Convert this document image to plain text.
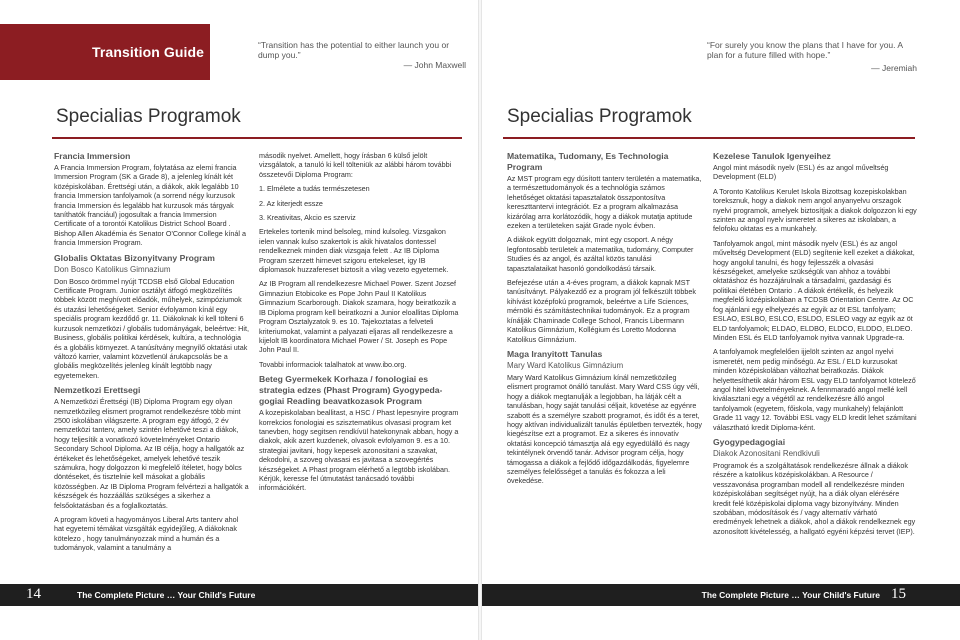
Transition Guide	“Transition has the potential to either launch you or dump you.”
— John Maxwell
“For surely you know the plans that I have for you. A plan for a future filled with hope.”
— Jeremiah
Specialias Programok	Specialias Programok
Francia Immersion

A Francia Immersion Program, folytatása az elemi francia Immersion Program (SK a Grade 8), a jelenleg kínált két középiskolában. Érettségi után, a diákok, akik legalább 10 francia Immersion tanfolyamok (a sorrend négy kurzusok francia Immersion és legalább hat kurzusok más tárgyak taníthatók franciául) jogosultak a francia Immersion Certificate of a torontói Katolikus District School Board . Bishop Allen Akadémia és Senator O'Connor College kínál a francia Immersion Program.

Globalis Oktatas Bizonyitvany Program
Don Bosco Katolikus Gimnazium

Don Bosco örömmel nyújt TCDSB első Global Education Certificate Program. Junior osztályt átfogó megközelítés többek között meghívott előadók, műhelyek, szimpóziumok és utazási lehetőségeket. Senior évfolyamon kínál egy speciális program kezdődő gr. 11. Diákoknak ki kell tölteni 6 kurzusok nemzetközi / globális tudományágak, beleértve: Hit, Business, globális politikai kérdések, kultúra, a technológia és a globális környezet. A tanúsítvány megnyílő oktatási utak változó karrier, valamint közvetlenül árukapcsolás be a globális megközelítés jelenleg kínált legtöbb nagy egyetemeken.

Nemzetkozi Erettsegi

A Nemzetközi Érettségi (IB) Diploma Program egy olyan nemzetközileg elismert programot rendelkezésre több mint 2500 iskolában világszerte. A program egy átfogó, 2 év nemzetközi tanterv, amely szintén lehetővé teszi a diákok, hogy teljesítik a vonatkozó követelményeket Ontario Secondary School Diploma. Az IB célja, hogy a hallgatók az értékeket és lehetőségeket, amelyek lehetővé teszik számukra, hogy dolgozzon ki megfelelő ítéletet, hogy bölcs döntéseket, és tisztelnie kell másokat a globális közösségben. Az IB Diploma Program felvértezi a hallgatók a készségek és hozzáállás szükséges a sikerhez a felsőoktatásban és a foglalkoztatás.

A program követi a hagyományos Liberal Arts tanterv ahol hat egyetemi témákat vizsgálták egyidejűleg, A diákoknak kötelezo , hogy tanulmányozzak mind a humán és a tudományok, valamint a tanulmány a

második nyelvet. Amellett, hogy írásban 6 külső jelölt vizsgálatok, a tanuló ki kell tölteniük az alábbi három további összetevői Diploma Program:

1. Elmélete a tudás természetesen

2. Az kiterjedt essze

3. Kreativitas, Akcio es szerviz

Ertekeles tortenik mind belsoleg, mind kulsoleg. Vizsgakon ielen vannak kulso szakertok is akik hivatalos dontessel rendelkeznek minden diak vizsgaja felett . Az IB Diploma Program szerzett hirnevet szigoru ertekeleset, igy IB diplomasok huzzafereset biztosít a vilag vezeto egyetemek.

Az IB Program all rendelkezesre Michael Power. Szent Jozsef Gimnaziun Etobicoke es Pope John Paul II Katolikus Gimnazium Scarborough. Diakok szamara, hogy beiratkozik a IB Diploma program kell beiratkozni a Junior eloallitas Diploma Program Osztalyzatok 9. es 10. Tajekoztatas a felveteli kriteriumokat, valamint a palyazati eljaras all rendelkezesre a kijelolt IB koordinatora Michael Power / St. Joseph es Pope John Paul II.

Tovabbi informaciok talalhatok at www.ibo.org.

Beteg Gyermekek Korhaza / fonologiai es strategia edzes (Phast Program) Gyogypeda-gogiai Reading beavatkozasok Program

A kozepiskolaban beallitast, a HSC / Phast lepesnyire program korrekcios fonologiai es szisztematikus olvasasi program ket tanevben, hogy segitsen rendkívül hatekonynak abban, hogy a diakok, akik azert kuzdenek, olvasok evfolyamon 9. es a 10. strategiai javitani, hogy kepesek azonositani a szavakat, dekodolni, a szoveg olvasasi es javitasa a szovegértés készségeket. A Phast program elérhető a legtöbb iskolában. Kérjük, keresse fel útmutatást tanácsadó további információkért.

Matematika, Tudomany, Es Technologia Program

Az MST program egy dúsított tanterv területén a matematika, a természettudományok és a technológia számos lehetőséget oktatási tapasztalatok összpontosítva kereszttantervi integrációt. Ez a program alkalmazása kizárólag arra korlátozódik, hogy a diákok mutatja aptitude ezeken a területeken saját Grade nyolc évben.

A diákok együtt dolgoznak, mint egy csoport. A négy legfontosabb területek a matematika, tudomány, Computer Studies és az angol, és azáltal közös tanulási tapasztalataikat hasonló gondolkodású társaik.

Befejezése után a 4-éves program, a diákok kapnak MST tanúsítványt. Pályakezdő ez a program jól felkészült többek kihívást középfokú programok, beleértve a Life Sciences, mérnöki és számítástechnikai tudományok. Ez a program kínálják Chaminade College School, Francis Libermann Katolikus Gimnázium, Kollégium és Loretto Modonna Katolikus Gimnázium.

Maga Iranyitott Tanulas
Mary Ward Katolikus Gimnázium

Mary Ward Katolikus Gimnázium kínál nemzetközileg elismert programot önálló tanulást. Mary Ward CSS úgy véli, hogy a diákok megtanulják a legjobban, ha látják célt a tanulásban, hogy saját tanulási céljait, követése az egyénre szabott és a személyre szabott programot, és időt és a teret, hogy aktívan individualizált tanulás épületben tervezték, hogy kiegészítse ezt a programot. Ez a sikeres és innovatív oktatási koncepció támasztja alá egy egyedülálló és nagy tekintélynek örvendő tanár. Advisor program célja, hogy támogassa a diákok a fejlődő időgazdálkodás, figyelemre személyes felelősséget a tanulás és fokozza a leli övekedése.

Kezelese Tanulok Igenyeihez

Angol mint második nyelv (ESL) és az angol műveltség Development (ELD)

A Toronto Katolikus Kerulet Iskola Bizottsag kozepiskolakban toreksznuk, hogy a diakok nem angol anyanyelvu orszagok nyelvi programok, amelyek biztosítjak a diakok dolgozzon ki egy szinten az angol nyelv ismeretet a sikeres az iskolaban, a felofoku oktatas es a munkahely.

Tanfolyamok angol, mint második nyelv (ESL) és az angol műveltség Development (ELD) segítenie kell ezeket a diákokat, hogy angolul tanulni, és hogy fejlesszék a olvasási készségeket, amelyeke szükségük van ahhoz a további oktatáshoz és hozzájárulnak a társadalmi, gazdasági és politikai életében Ontario . A diákok értékelik, és helyezik megfelelő középiskolában a TCDSB Orientation Centre. Az OC fog ajánlani egy elhelyezés az egyik az öt ESL tanfolyam; ESLAO, ESLBO, ESLCO, ESLDO, ESLEO vagy az egyik az öt ELD tanfolyamok; ELDAO, ELDBO, ELDCO, ELDDO, ELDEO. Minden ESL és ELD tanfolyamok nyitva vannak Upgrade-ra.

A tanfolyamok megfelelően ijjelölt szinten az angol nyelvi ismeretét, nem pedig minőségü. Az ESL / ELD kurzusokat minden középiskolában változhat beiratkozás. Diákok helyettesíthetik akár három ESL vagy ELD tanfolyamot kötelező angol hitel követelményeknek. A fennmaradó angol mellé kell kiválasztani egy a végétől az rendelkezésre álló angol tanfolyamok (egyetem, főiskola, vagy munkahely) felajánlott Grade 11 vagy 12. További ESL vagy ELD kredit lehet számítani választható kredit Diploma-ként.

Gyogypedagogiai
Diakok Azonositani Rendkivuli

Programok és a szolgáltatások rendelkezésre állnak a diákok részére a katolikus középiskolákban. A Resource / vesszavonása programban modell all rendelkezésre minden középiskolában segítséget nyújt, ha a diák olyan elérésére kredit felé középiskolai diploma vagy bizonyítvány. Minden szobában, módosítások és / vagy alternatív várható eredmények lehetnek a diákok, ahol a diákok rendelkeznek egy azonosított kivételesség, a hallgató egyéni képzési tervet (IEP).

14	The Complete Picture … Your Child's Future	The Complete Picture … Your Child's Future 15
